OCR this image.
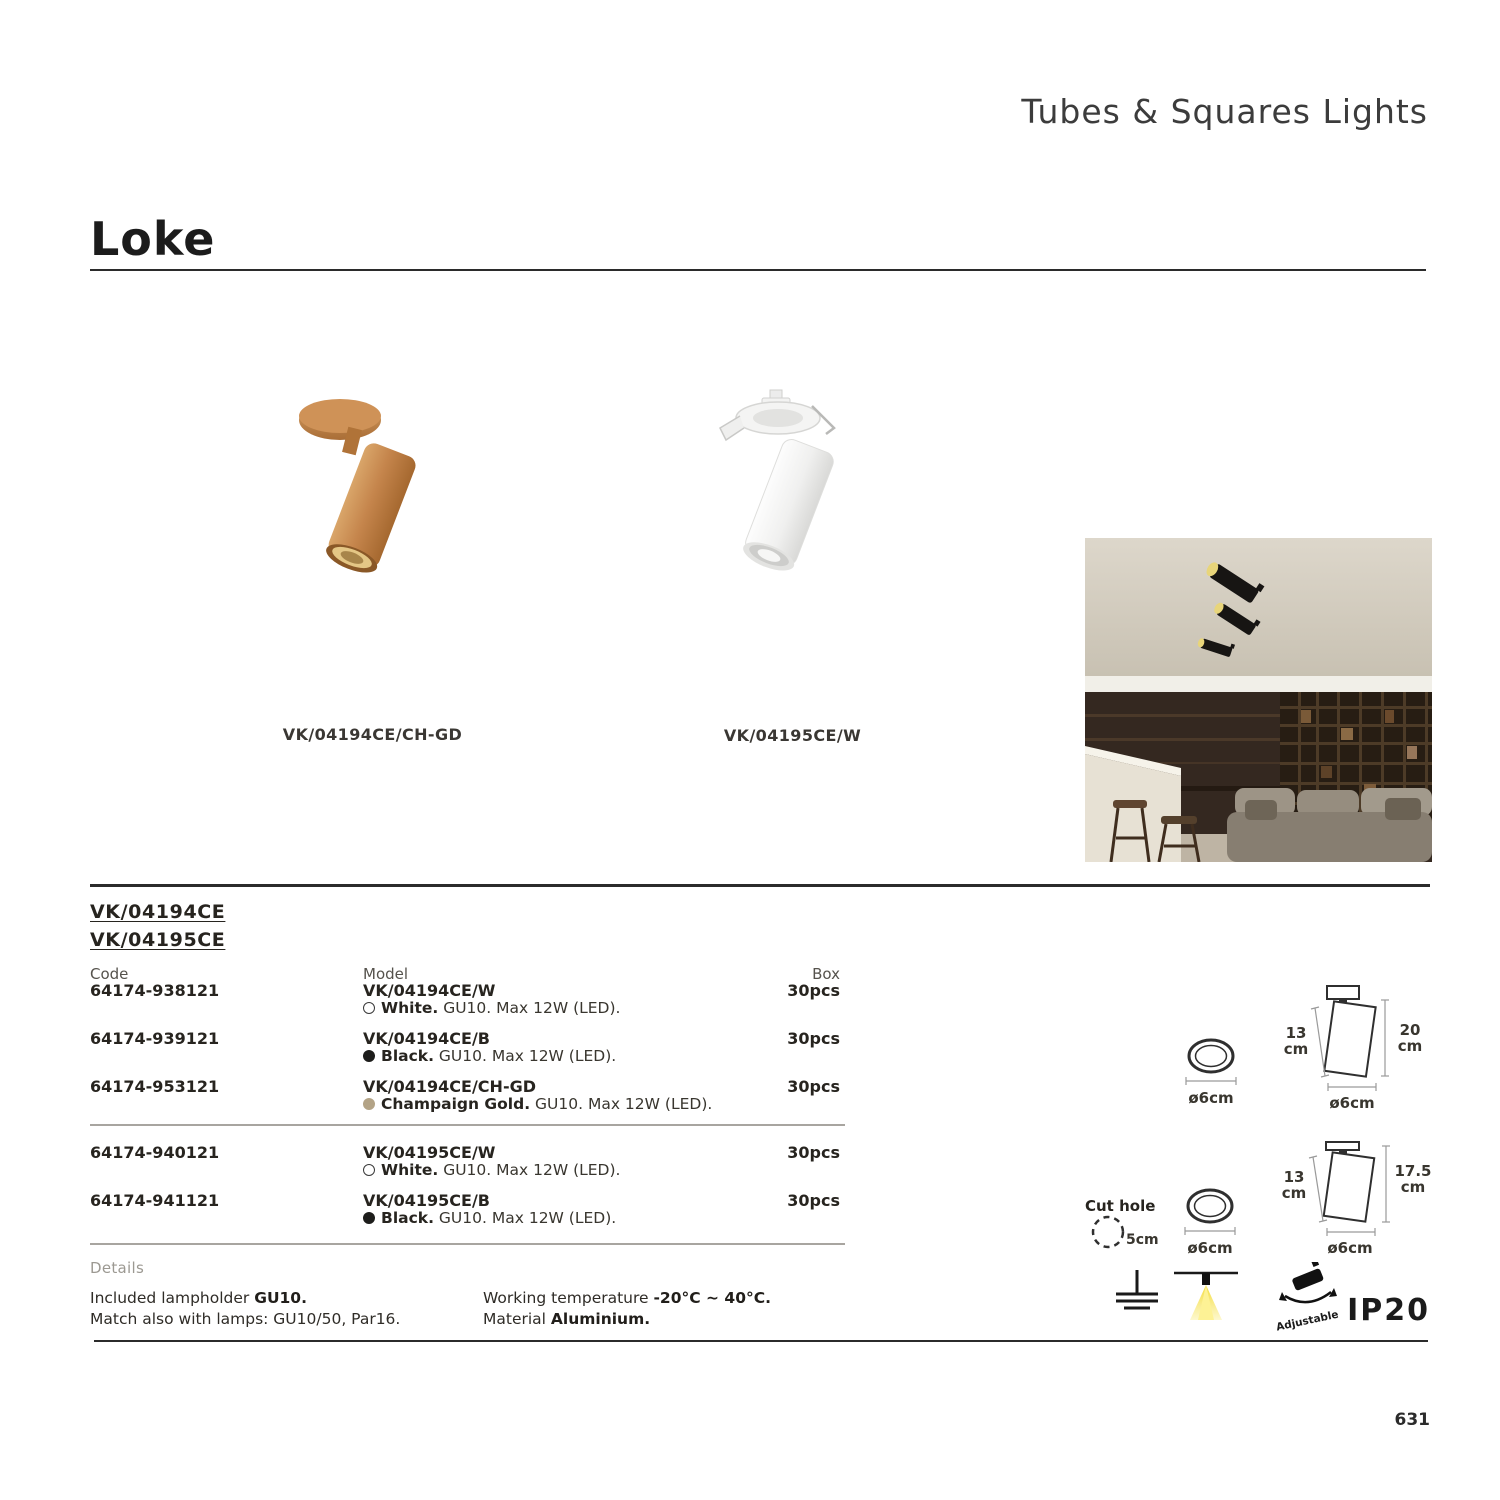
Tubes & Squares Lights
Loke
VK/04194CE/CH-GD	VK/04195CE/W
VK/04194CE
VK/04195CE
Code	Model	Box
64174-938121	VK/04194CE/W	30pcs
White. GU10. Max 12W (LED).
64174-939121	VK/04194CE/B	30pcs
Black. GU10. Max 12W (LED).
64174-953121	VK/04194CE/CH-GD	30pcs
Champaign Gold. GU10. Max 12W (LED).
64174-940121	VK/04195CE/W	30pcs
White. GU10. Max 12W (LED).
64174-941121	VK/04195CE/B	30pcs
Black. GU10. Max 12W (LED).
Details
Included lampholder GU10.
Match also with lamps: GU10/50, Par16.
Working temperature -20°C ~ 40°C.
Material Aluminium.
ø6cm
13
cm
20
cm
ø6cm
Cut hole
5cm ø6cm
13
cm
17.5
cm
ø6cm
Adjustable IP20
631
